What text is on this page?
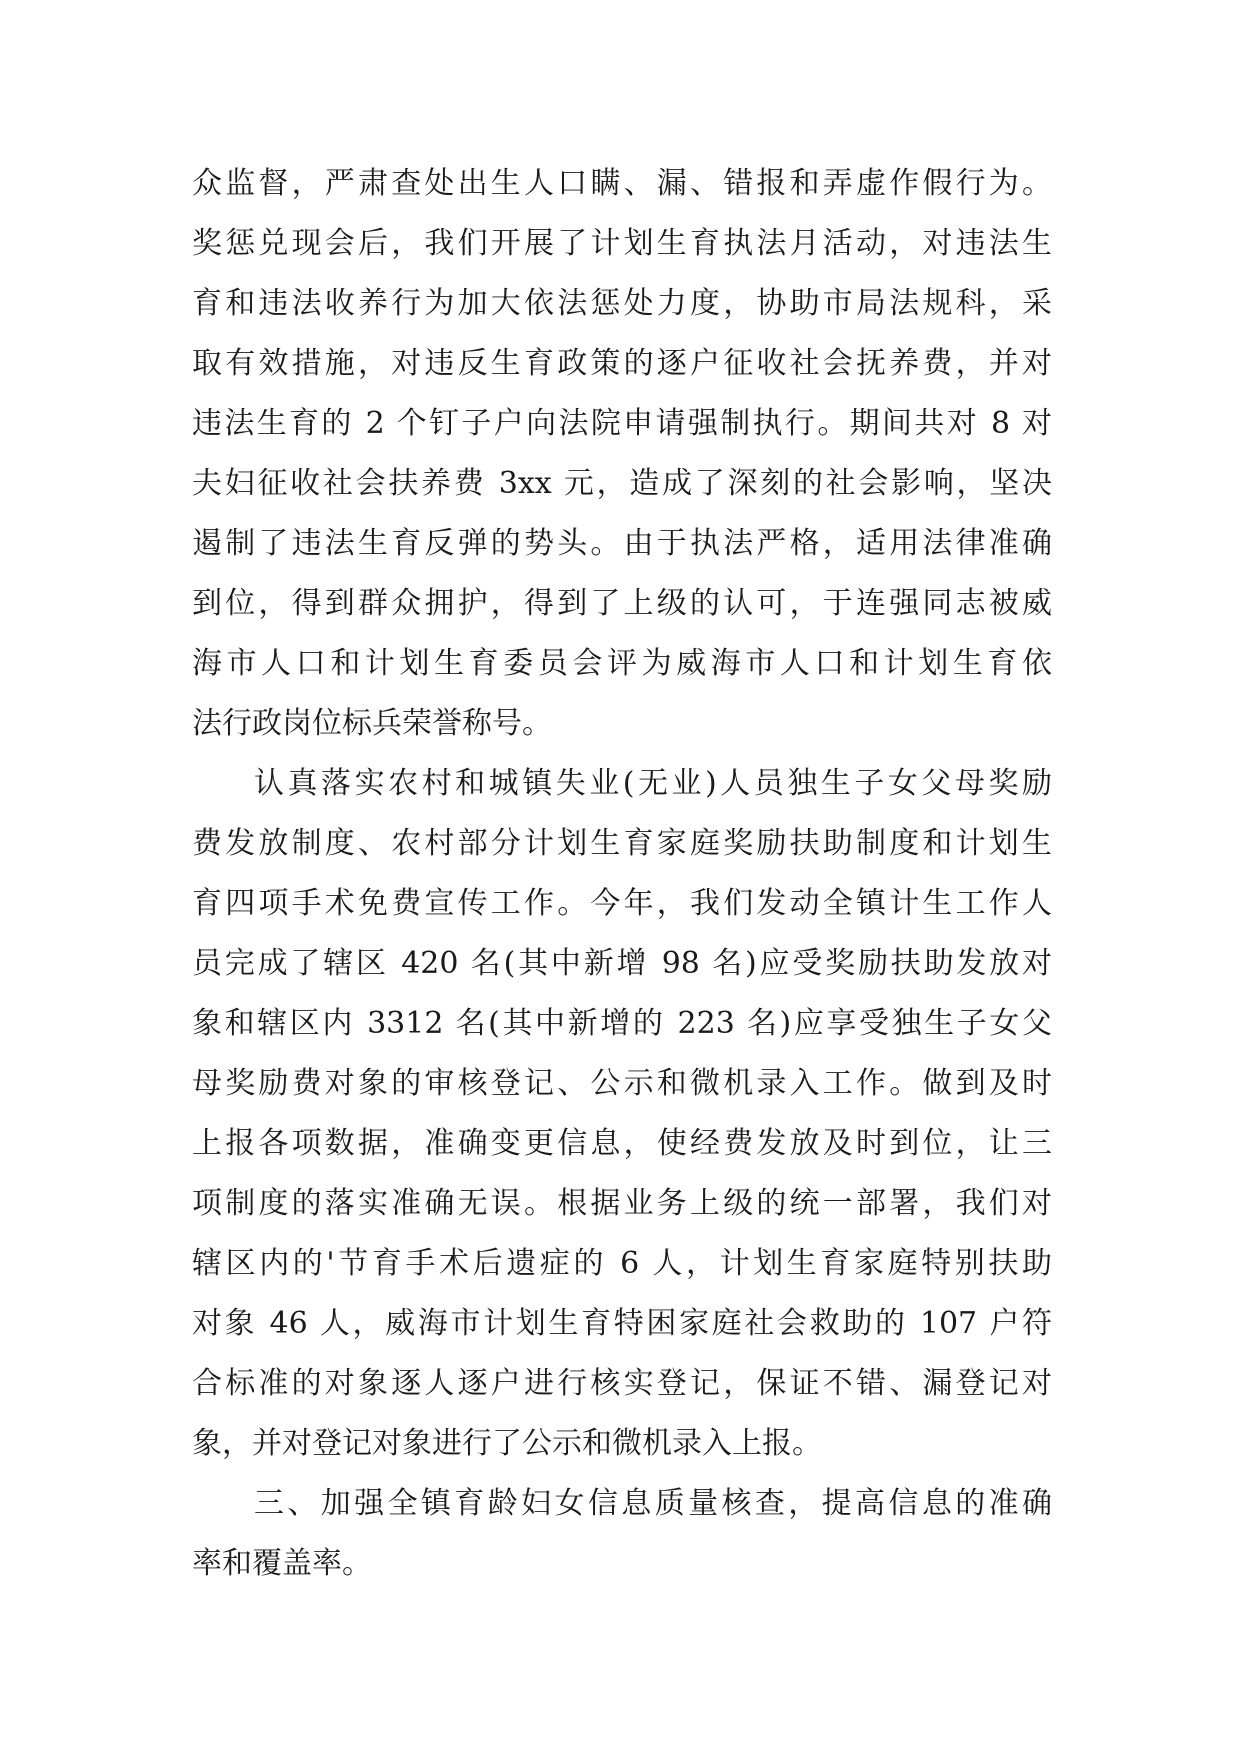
众监督，严肃查处出生人口瞒、漏、错报和弄虚作假行为。
奖惩兑现会后，我们开展了计划生育执法月活动，对违法生
育和违法收养行为加大依法惩处力度，协助市局法规科，采
取有效措施，对违反生育政策的逐户征收社会抚养费，并对
违法生育的 2 个钉子户向法院申请强制执行。期间共对 8 对
夫妇征收社会扶养费 3xx 元，造成了深刻的社会影响，坚决
遏制了违法生育反弹的势头。由于执法严格，适用法律准确
到位，得到群众拥护，得到了上级的认可，于连强同志被威
海市人口和计划生育委员会评为威海市人口和计划生育依
法行政岗位标兵荣誉称号。
认真落实农村和城镇失业(无业)人员独生子女父母奖励
费发放制度、农村部分计划生育家庭奖励扶助制度和计划生
育四项手术免费宣传工作。今年，我们发动全镇计生工作人
员完成了辖区 420 名(其中新增 98 名)应受奖励扶助发放对
象和辖区内 3312 名(其中新增的 223 名)应享受独生子女父
母奖励费对象的审核登记、公示和微机录入工作。做到及时
上报各项数据，准确变更信息，使经费发放及时到位，让三
项制度的落实准确无误。根据业务上级的统一部署，我们对
辖区内的'节育手术后遗症的 6 人，计划生育家庭特别扶助
对象 46 人，威海市计划生育特困家庭社会救助的 107 户符
合标准的对象逐人逐户进行核实登记，保证不错、漏登记对
象，并对登记对象进行了公示和微机录入上报。
三、加强全镇育龄妇女信息质量核查，提高信息的准确
率和覆盖率。
